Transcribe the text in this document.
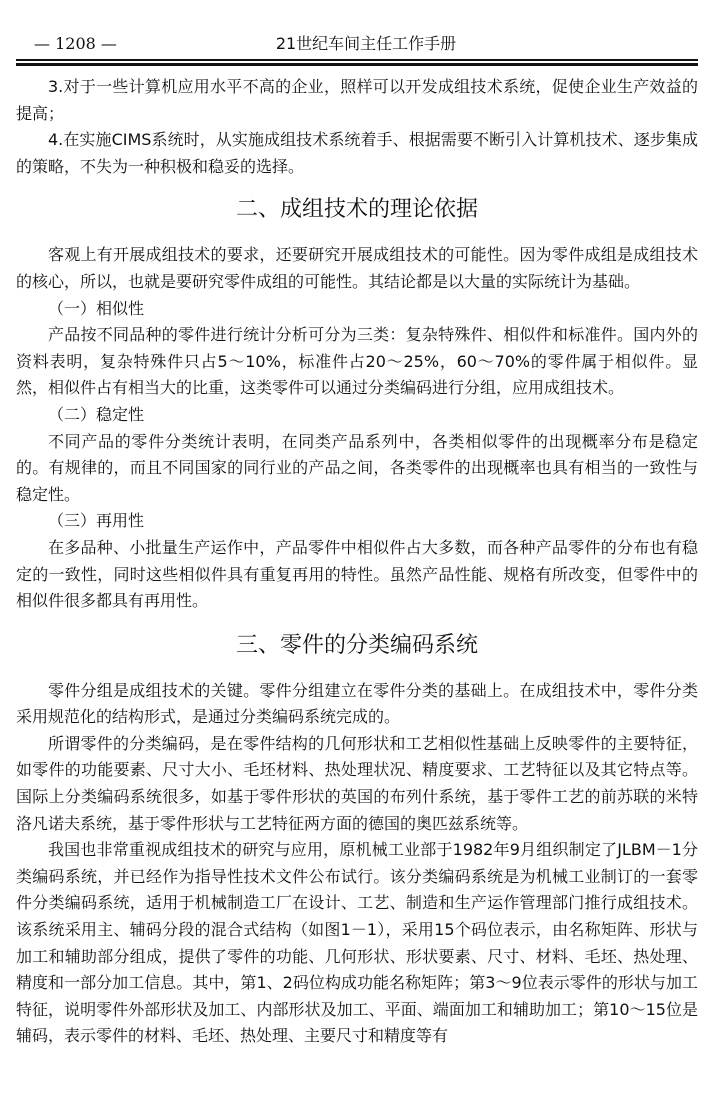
— 1208 —	21世纪车间主任工作手册

3.对于一些计算机应用水平不高的企业，照样可以开发成组技术系统，促使企业生产效益的提高；

4.在实施CIMS系统时，从实施成组技术系统着手、根据需要不断引入计算机技术、逐步集成的策略，不失为一种积极和稳妥的选择。

二、成组技术的理论依据

客观上有开展成组技术的要求，还要研究开展成组技术的可能性。因为零件成组是成组技术的核心，所以，也就是要研究零件成组的可能性。其结论都是以大量的实际统计为基础。

（一）相似性

产品按不同品种的零件进行统计分析可分为三类：复杂特殊件、相似件和标准件。国内外的资料表明，复杂特殊件只占5～10%，标准件占20～25%，60～70%的零件属于相似件。显然，相似件占有相当大的比重，这类零件可以通过分类编码进行分组，应用成组技术。

（二）稳定性

不同产品的零件分类统计表明，在同类产品系列中，各类相似零件的出现概率分布是稳定的。有规律的，而且不同国家的同行业的产品之间，各类零件的出现概率也具有相当的一致性与稳定性。

（三）再用性

在多品种、小批量生产运作中，产品零件中相似件占大多数，而各种产品零件的分布也有稳定的一致性，同时这些相似件具有重复再用的特性。虽然产品性能、规格有所改变，但零件中的相似件很多都具有再用性。

三、零件的分类编码系统

零件分组是成组技术的关键。零件分组建立在零件分类的基础上。在成组技术中，零件分类采用规范化的结构形式，是通过分类编码系统完成的。

所谓零件的分类编码，是在零件结构的几何形状和工艺相似性基础上反映零件的主要特征，如零件的功能要素、尺寸大小、毛坯材料、热处理状况、精度要求、工艺特征以及其它特点等。国际上分类编码系统很多，如基于零件形状的英国的布列什系统，基于零件工艺的前苏联的米特洛凡诺夫系统，基于零件形状与工艺特征两方面的德国的奥匹兹系统等。

我国也非常重视成组技术的研究与应用，原机械工业部于1982年9月组织制定了JLBM－1分类编码系统，并已经作为指导性技术文件公布试行。该分类编码系统是为机械工业制订的一套零件分类编码系统，适用于机械制造工厂在设计、工艺、制造和生产运作管理部门推行成组技术。该系统采用主、辅码分段的混合式结构（如图1－1），采用15个码位表示，由名称矩阵、形状与加工和辅助部分组成，提供了零件的功能、几何形状、形状要素、尺寸、材料、毛坯、热处理、精度和一部分加工信息。其中，第1、2码位构成功能名称矩阵；第3～9位表示零件的形状与加工特征，说明零件外部形状及加工、内部形状及加工、平面、端面加工和辅助加工；第10～15位是辅码，表示零件的材料、毛坯、热处理、主要尺寸和精度等有
